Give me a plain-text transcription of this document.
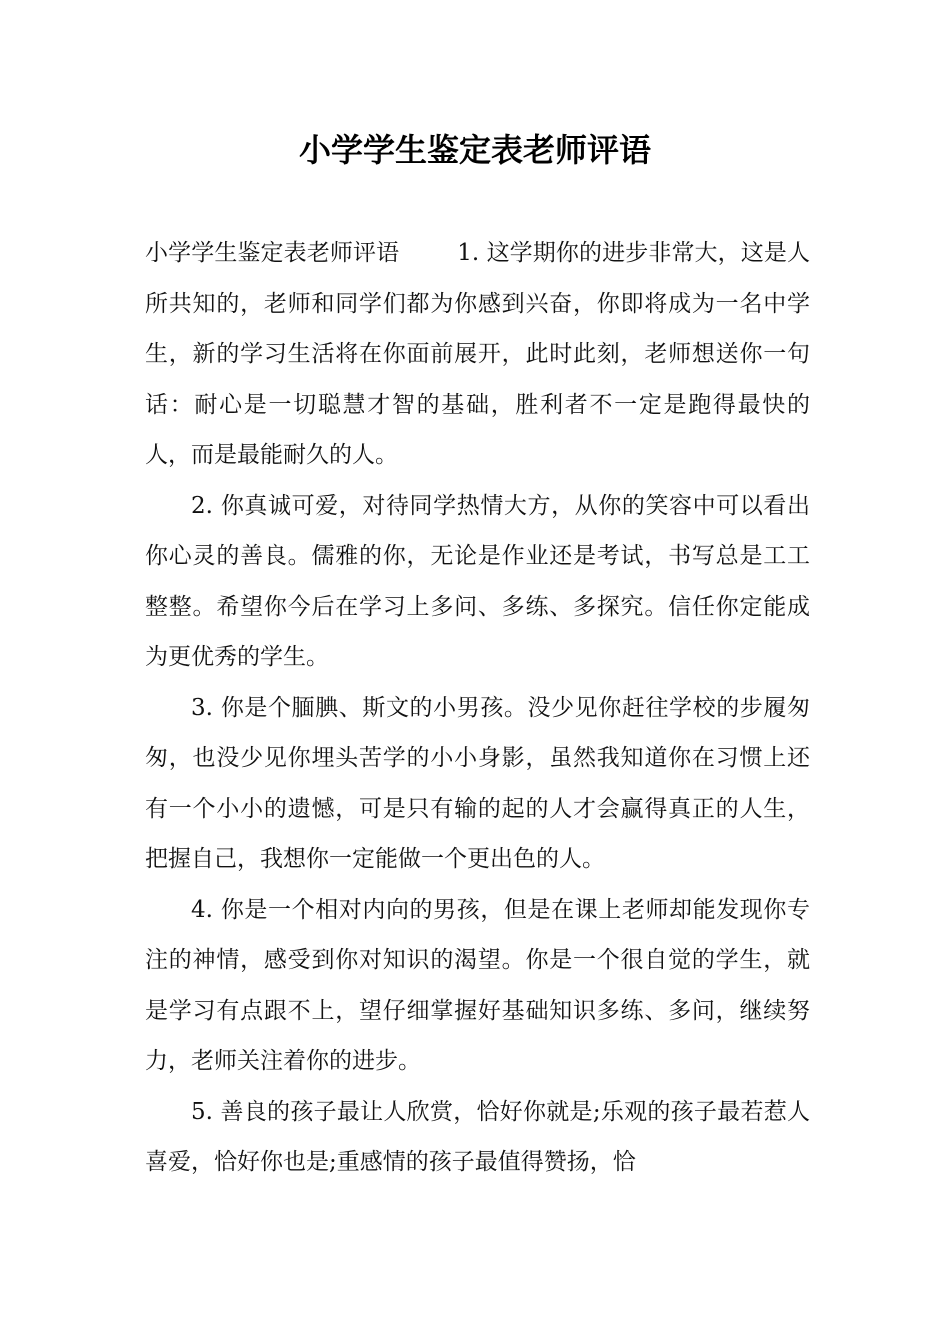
小学学生鉴定表老师评语

小学学生鉴定表老师评语	1. 这学期你的进步非常大，这是人所共知的，老师和同学们都为你感到兴奋，你即将成为一名中学生，新的学习生活将在你面前展开，此时此刻，老师想送你一句话：耐心是一切聪慧才智的基础，胜利者不一定是跑得最快的人，而是最能耐久的人。

2. 你真诚可爱，对待同学热情大方，从你的笑容中可以看出你心灵的善良。儒雅的你，无论是作业还是考试，书写总是工工整整。希望你今后在学习上多问、多练、多探究。信任你定能成为更优秀的学生。

3. 你是个腼腆、斯文的小男孩。没少见你赶往学校的步履匆匆，也没少见你埋头苦学的小小身影，虽然我知道你在习惯上还有一个小小的遗憾，可是只有输的起的人才会赢得真正的人生，把握自己，我想你一定能做一个更出色的人。

4. 你是一个相对内向的男孩，但是在课上老师却能发现你专注的神情，感受到你对知识的渴望。你是一个很自觉的学生，就是学习有点跟不上，望仔细掌握好基础知识多练、多问，继续努力，老师关注着你的进步。

5. 善良的孩子最让人欣赏，恰好你就是;乐观的孩子最若惹人喜爱，恰好你也是;重感情的孩子最值得赞扬，恰
